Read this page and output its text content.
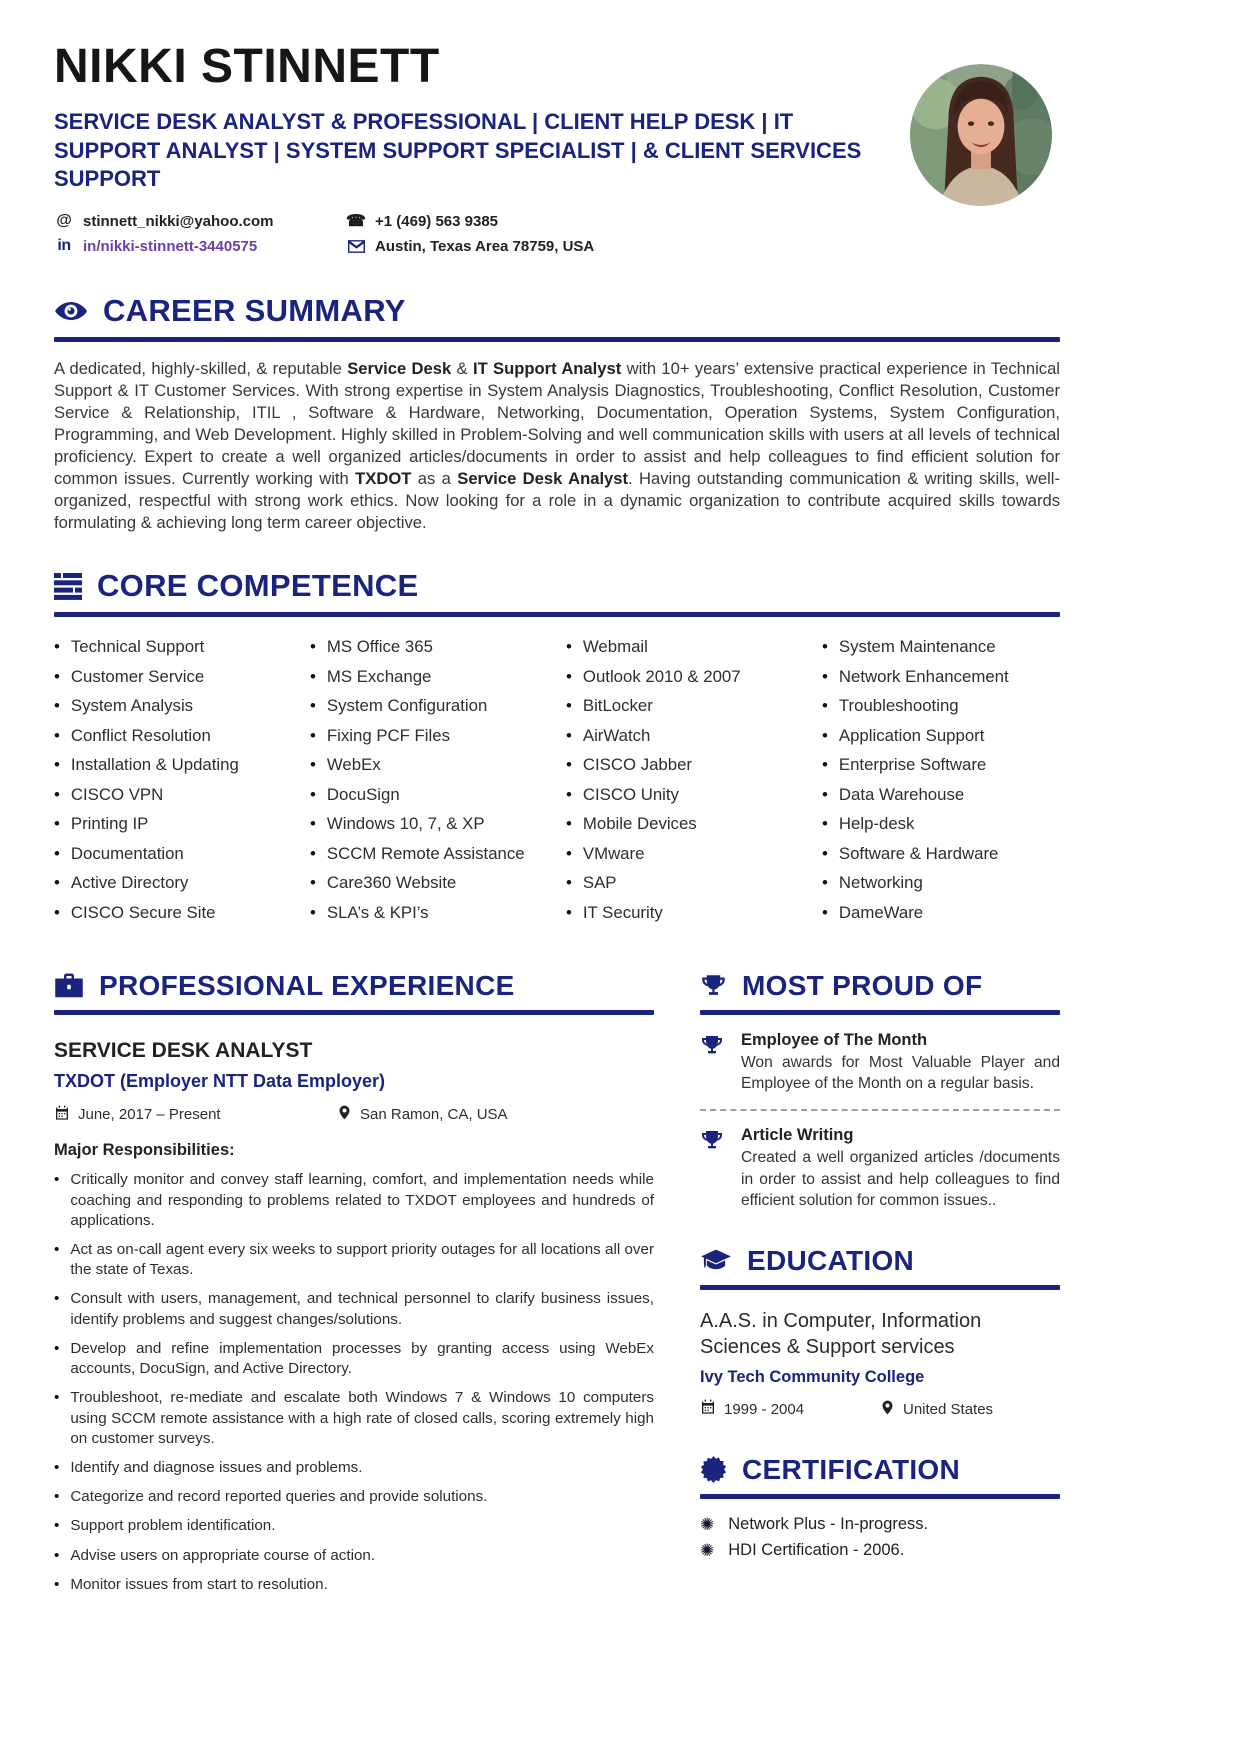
NIKKI STINNETT
SERVICE DESK ANALYST & PROFESSIONAL | CLIENT HELP DESK | IT SUPPORT ANALYST | SYSTEM SUPPORT SPECIALIST | & CLIENT SERVICES SUPPORT
@ stinnett_nikki@yahoo.com	☎ +1 (469) 563 9385
in in/nikki-stinnett-3440575	Austin, Texas Area 78759, USA
CAREER SUMMARY

A dedicated, highly-skilled, & reputable Service Desk & IT Support Analyst with 10+ years’ extensive practical experience in Technical Support & IT Customer Services. With strong expertise in System Analysis Diagnostics, Troubleshooting, Conflict Resolution, Customer Service & Relationship, ITIL , Software & Hardware, Networking, Documentation, Operation Systems, System Configuration, Programming, and Web Development. Highly skilled in Problem-Solving and well communication skills with users at all levels of technical proficiency. Expert to create a well organized articles/documents in order to assist and help colleagues to find efficient solution for common issues. Currently working with TXDOT as a Service Desk Analyst. Having outstanding communication & writing skills, well-organized, respectful with strong work ethics. Now looking for a role in a dynamic organization to contribute acquired skills towards formulating & achieving long term career objective.

CORE COMPETENCE
• Technical Support
• Customer Service
• System Analysis
• Conflict Resolution
• Installation & Updating
• CISCO VPN
• Printing IP
• Documentation
• Active Directory
• CISCO Secure Site
• MS Office 365
• MS Exchange
• System Configuration
• Fixing PCF Files
• WebEx
• DocuSign
• Windows 10, 7, & XP
• SCCM Remote Assistance
• Care360 Website
• SLA’s & KPI’s
• Webmail
• Outlook 2010 & 2007
• BitLocker
• AirWatch
• CISCO Jabber
• CISCO Unity
• Mobile Devices
• VMware
• SAP
• IT Security
• System Maintenance
• Network Enhancement
• Troubleshooting
• Application Support
• Enterprise Software
• Data Warehouse
• Help-desk
• Software & Hardware
• Networking
• DameWare
PROFESSIONAL EXPERIENCE
SERVICE DESK ANALYST
TXDOT (Employer NTT Data Employer)
June, 2017 – Present	San Ramon, CA, USA
Major Responsibilities:
• Critically monitor and convey staff learning, comfort, and implementation needs while coaching and responding to problems related to TXDOT employees and hundreds of applications.
• Act as on-call agent every six weeks to support priority outages for all locations all over the state of Texas.
• Consult with users, management, and technical personnel to clarify business issues, identify problems and suggest changes/solutions.
• Develop and refine implementation processes by granting access using WebEx accounts, DocuSign, and Active Directory.
• Troubleshoot, re-mediate and escalate both Windows 7 & Windows 10 computers using SCCM remote assistance with a high rate of closed calls, scoring extremely high on customer surveys.
• Identify and diagnose issues and problems.
• Categorize and record reported queries and provide solutions.
• Support problem identification.
• Advise users on appropriate course of action.
• Monitor issues from start to resolution.
MOST PROUD OF
Employee of The Month
Won awards for Most Valuable Player and Employee of the Month on a regular basis.
Article Writing
Created a well organized articles /documents in order to assist and help colleagues to find efficient solution for common issues..
EDUCATION
A.A.S. in Computer, Information Sciences & Support services
Ivy Tech Community College
1999 - 2004	United States
CERTIFICATION
✺ Network Plus - In-progress.
✺ HDI Certification - 2006.
